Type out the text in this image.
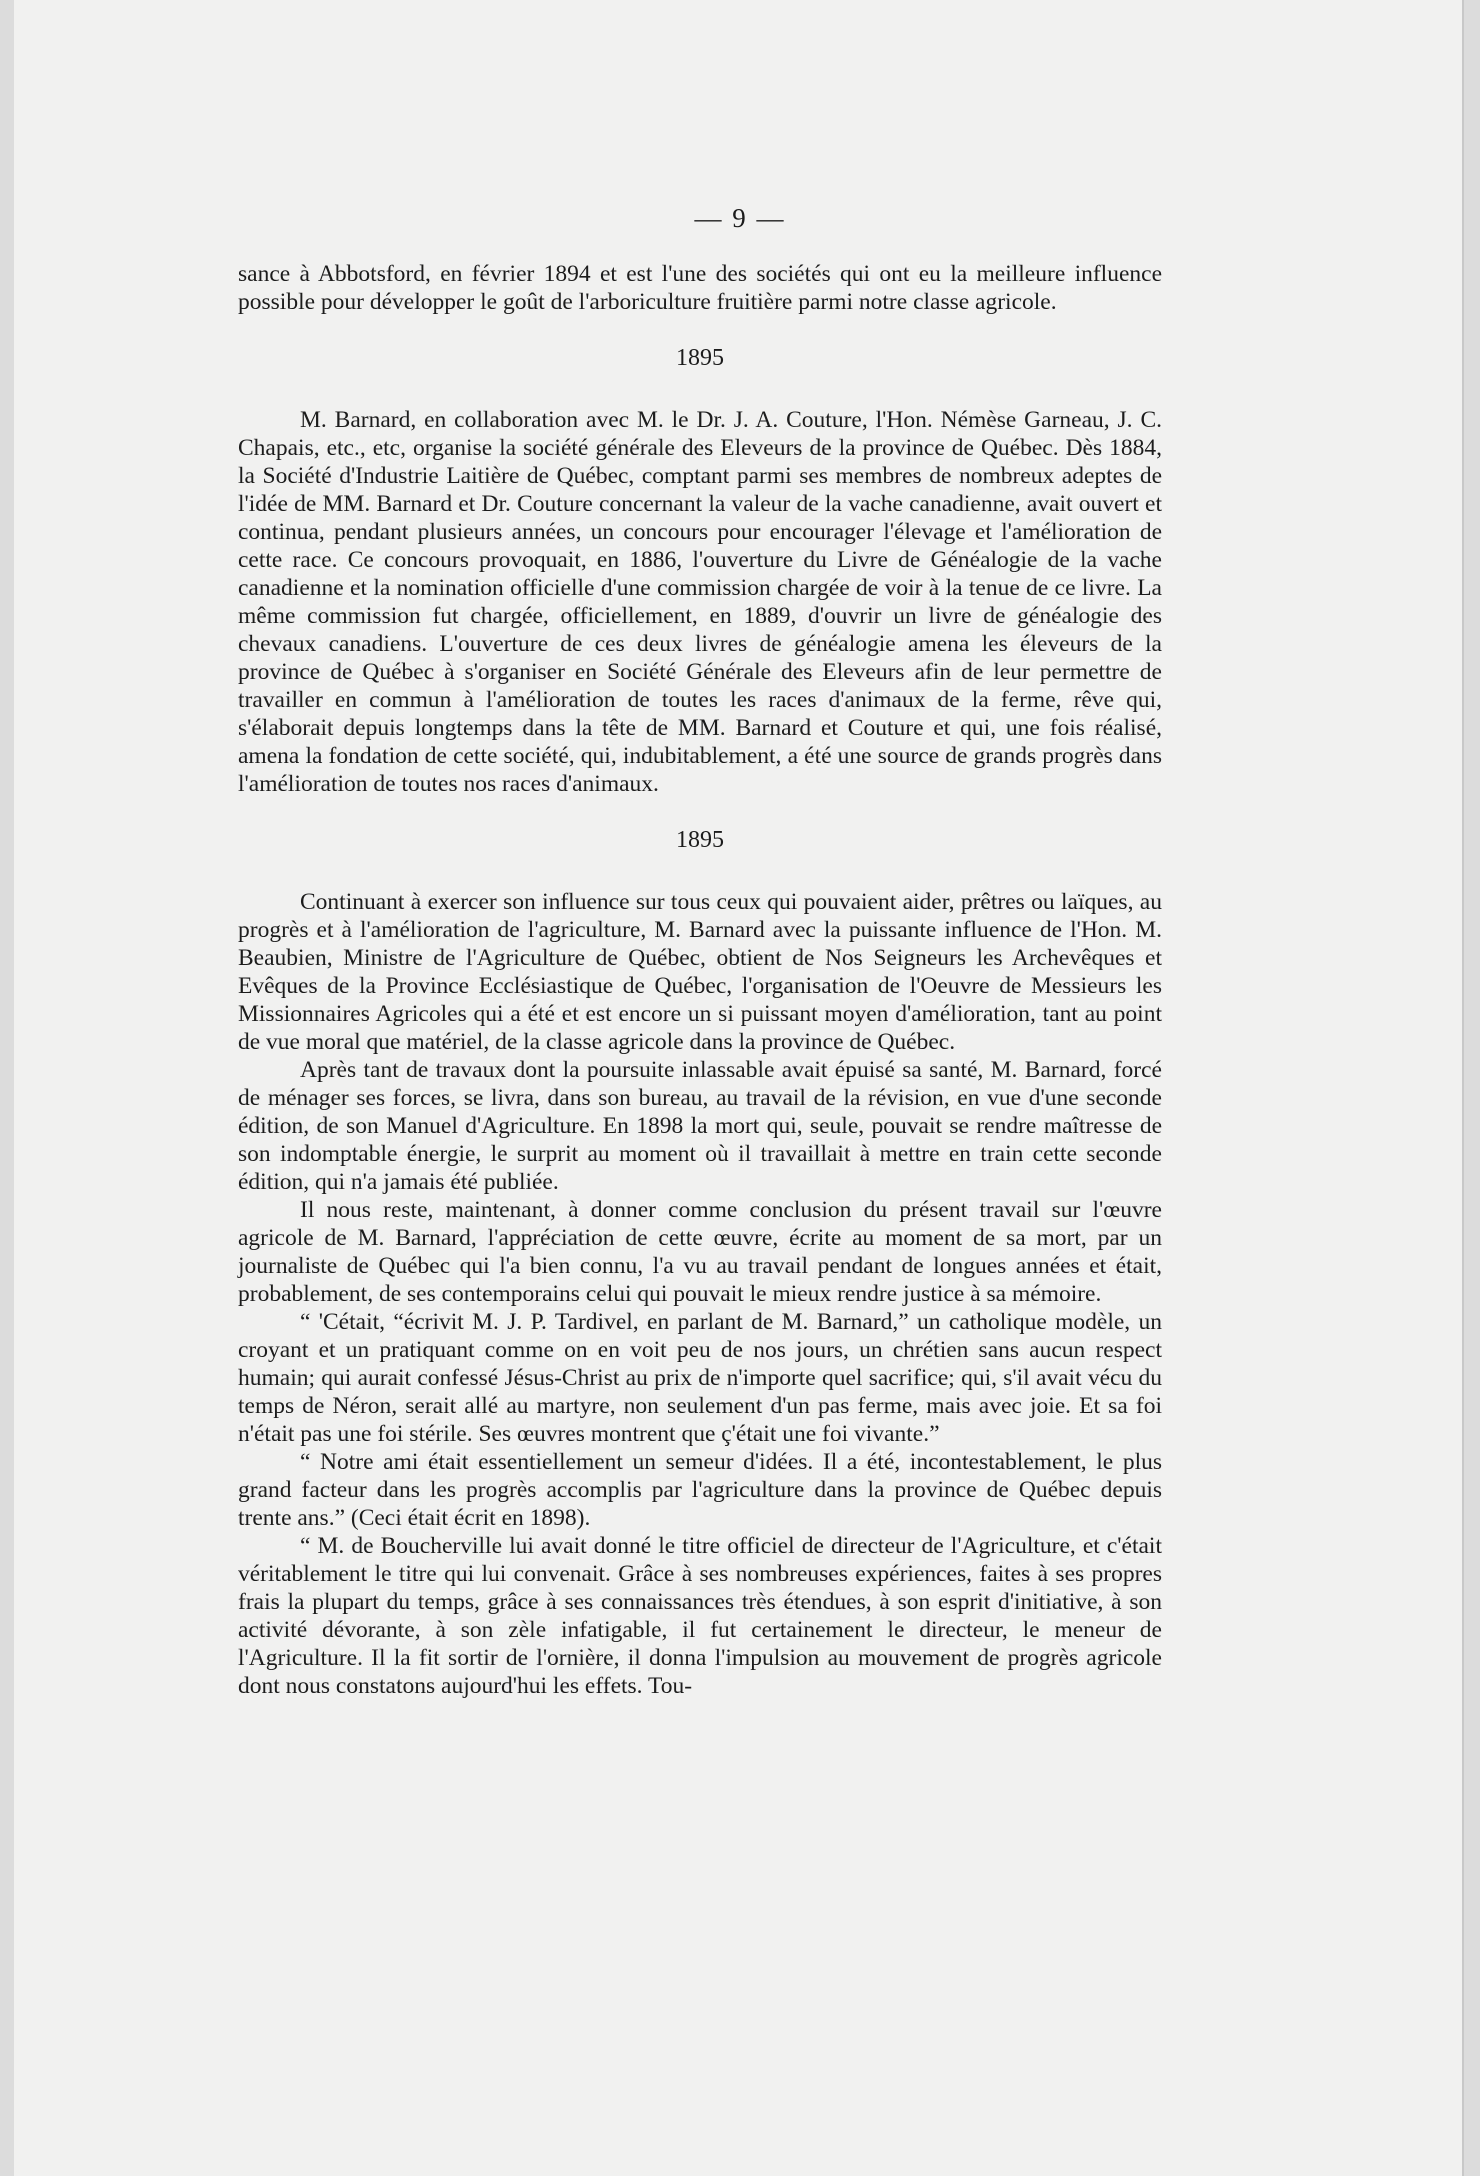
— 9 —

sance à Abbotsford, en février 1894 et est l'une des sociétés qui ont eu la meilleure influence possible pour développer le goût de l'arboriculture fruitière parmi notre classe agricole.

1895

M. Barnard, en collaboration avec M. le Dr. J. A. Couture, l'Hon. Némèse Garneau, J. C. Chapais, etc., etc, organise la société générale des Eleveurs de la province de Québec. Dès 1884, la Société d'Industrie Laitière de Québec, comptant parmi ses membres de nombreux adeptes de l'idée de MM. Barnard et Dr. Couture concernant la valeur de la vache canadienne, avait ouvert et continua, pendant plusieurs années, un concours pour encourager l'élevage et l'amélioration de cette race. Ce concours provoquait, en 1886, l'ouverture du Livre de Généalogie de la vache canadienne et la nomination officielle d'une commission chargée de voir à la tenue de ce livre. La même commission fut chargée, officiellement, en 1889, d'ouvrir un livre de généalogie des chevaux canadiens. L'ouverture de ces deux livres de généalogie amena les éleveurs de la province de Québec à s'organiser en Société Générale des Eleveurs afin de leur permettre de travailler en commun à l'amélioration de toutes les races d'animaux de la ferme, rêve qui, s'élaborait depuis longtemps dans la tête de MM. Barnard et Couture et qui, une fois réalisé, amena la fondation de cette société, qui, indubitablement, a été une source de grands progrès dans l'amélioration de toutes nos races d'animaux.

1895

Continuant à exercer son influence sur tous ceux qui pouvaient aider, prêtres ou laïques, au progrès et à l'amélioration de l'agriculture, M. Barnard avec la puissante influence de l'Hon. M. Beaubien, Ministre de l'Agriculture de Québec, obtient de Nos Seigneurs les Archevêques et Evêques de la Province Ecclésiastique de Québec, l'organisation de l'Oeuvre de Messieurs les Missionnaires Agricoles qui a été et est encore un si puissant moyen d'amélioration, tant au point de vue moral que matériel, de la classe agricole dans la province de Québec.

Après tant de travaux dont la poursuite inlassable avait épuisé sa santé, M. Barnard, forcé de ménager ses forces, se livra, dans son bureau, au travail de la révision, en vue d'une seconde édition, de son Manuel d'Agriculture. En 1898 la mort qui, seule, pouvait se rendre maîtresse de son indomptable énergie, le surprit au moment où il travaillait à mettre en train cette seconde édition, qui n'a jamais été publiée.

Il nous reste, maintenant, à donner comme conclusion du présent travail sur l'œuvre agricole de M. Barnard, l'appréciation de cette œuvre, écrite au moment de sa mort, par un journaliste de Québec qui l'a bien connu, l'a vu au travail pendant de longues années et était, probablement, de ses contemporains celui qui pouvait le mieux rendre justice à sa mémoire.

“ 'Cétait, “écrivit M. J. P. Tardivel, en parlant de M. Barnard,” un catholique modèle, un croyant et un pratiquant comme on en voit peu de nos jours, un chrétien sans aucun respect humain; qui aurait confessé Jésus-Christ au prix de n'importe quel sacrifice; qui, s'il avait vécu du temps de Néron, serait allé au martyre, non seulement d'un pas ferme, mais avec joie. Et sa foi n'était pas une foi stérile. Ses œuvres montrent que ç'était une foi vivante.”

“ Notre ami était essentiellement un semeur d'idées. Il a été, incontestablement, le plus grand facteur dans les progrès accomplis par l'agriculture dans la province de Québec depuis trente ans.” (Ceci était écrit en 1898).

“ M. de Boucherville lui avait donné le titre officiel de directeur de l'Agriculture, et c'était véritablement le titre qui lui convenait. Grâce à ses nombreuses expériences, faites à ses propres frais la plupart du temps, grâce à ses connaissances très étendues, à son esprit d'initiative, à son activité dévorante, à son zèle infatigable, il fut certainement le directeur, le meneur de l'Agriculture. Il la fit sortir de l'ornière, il donna l'impulsion au mouvement de progrès agricole dont nous constatons aujourd'hui les effets. Tou-
